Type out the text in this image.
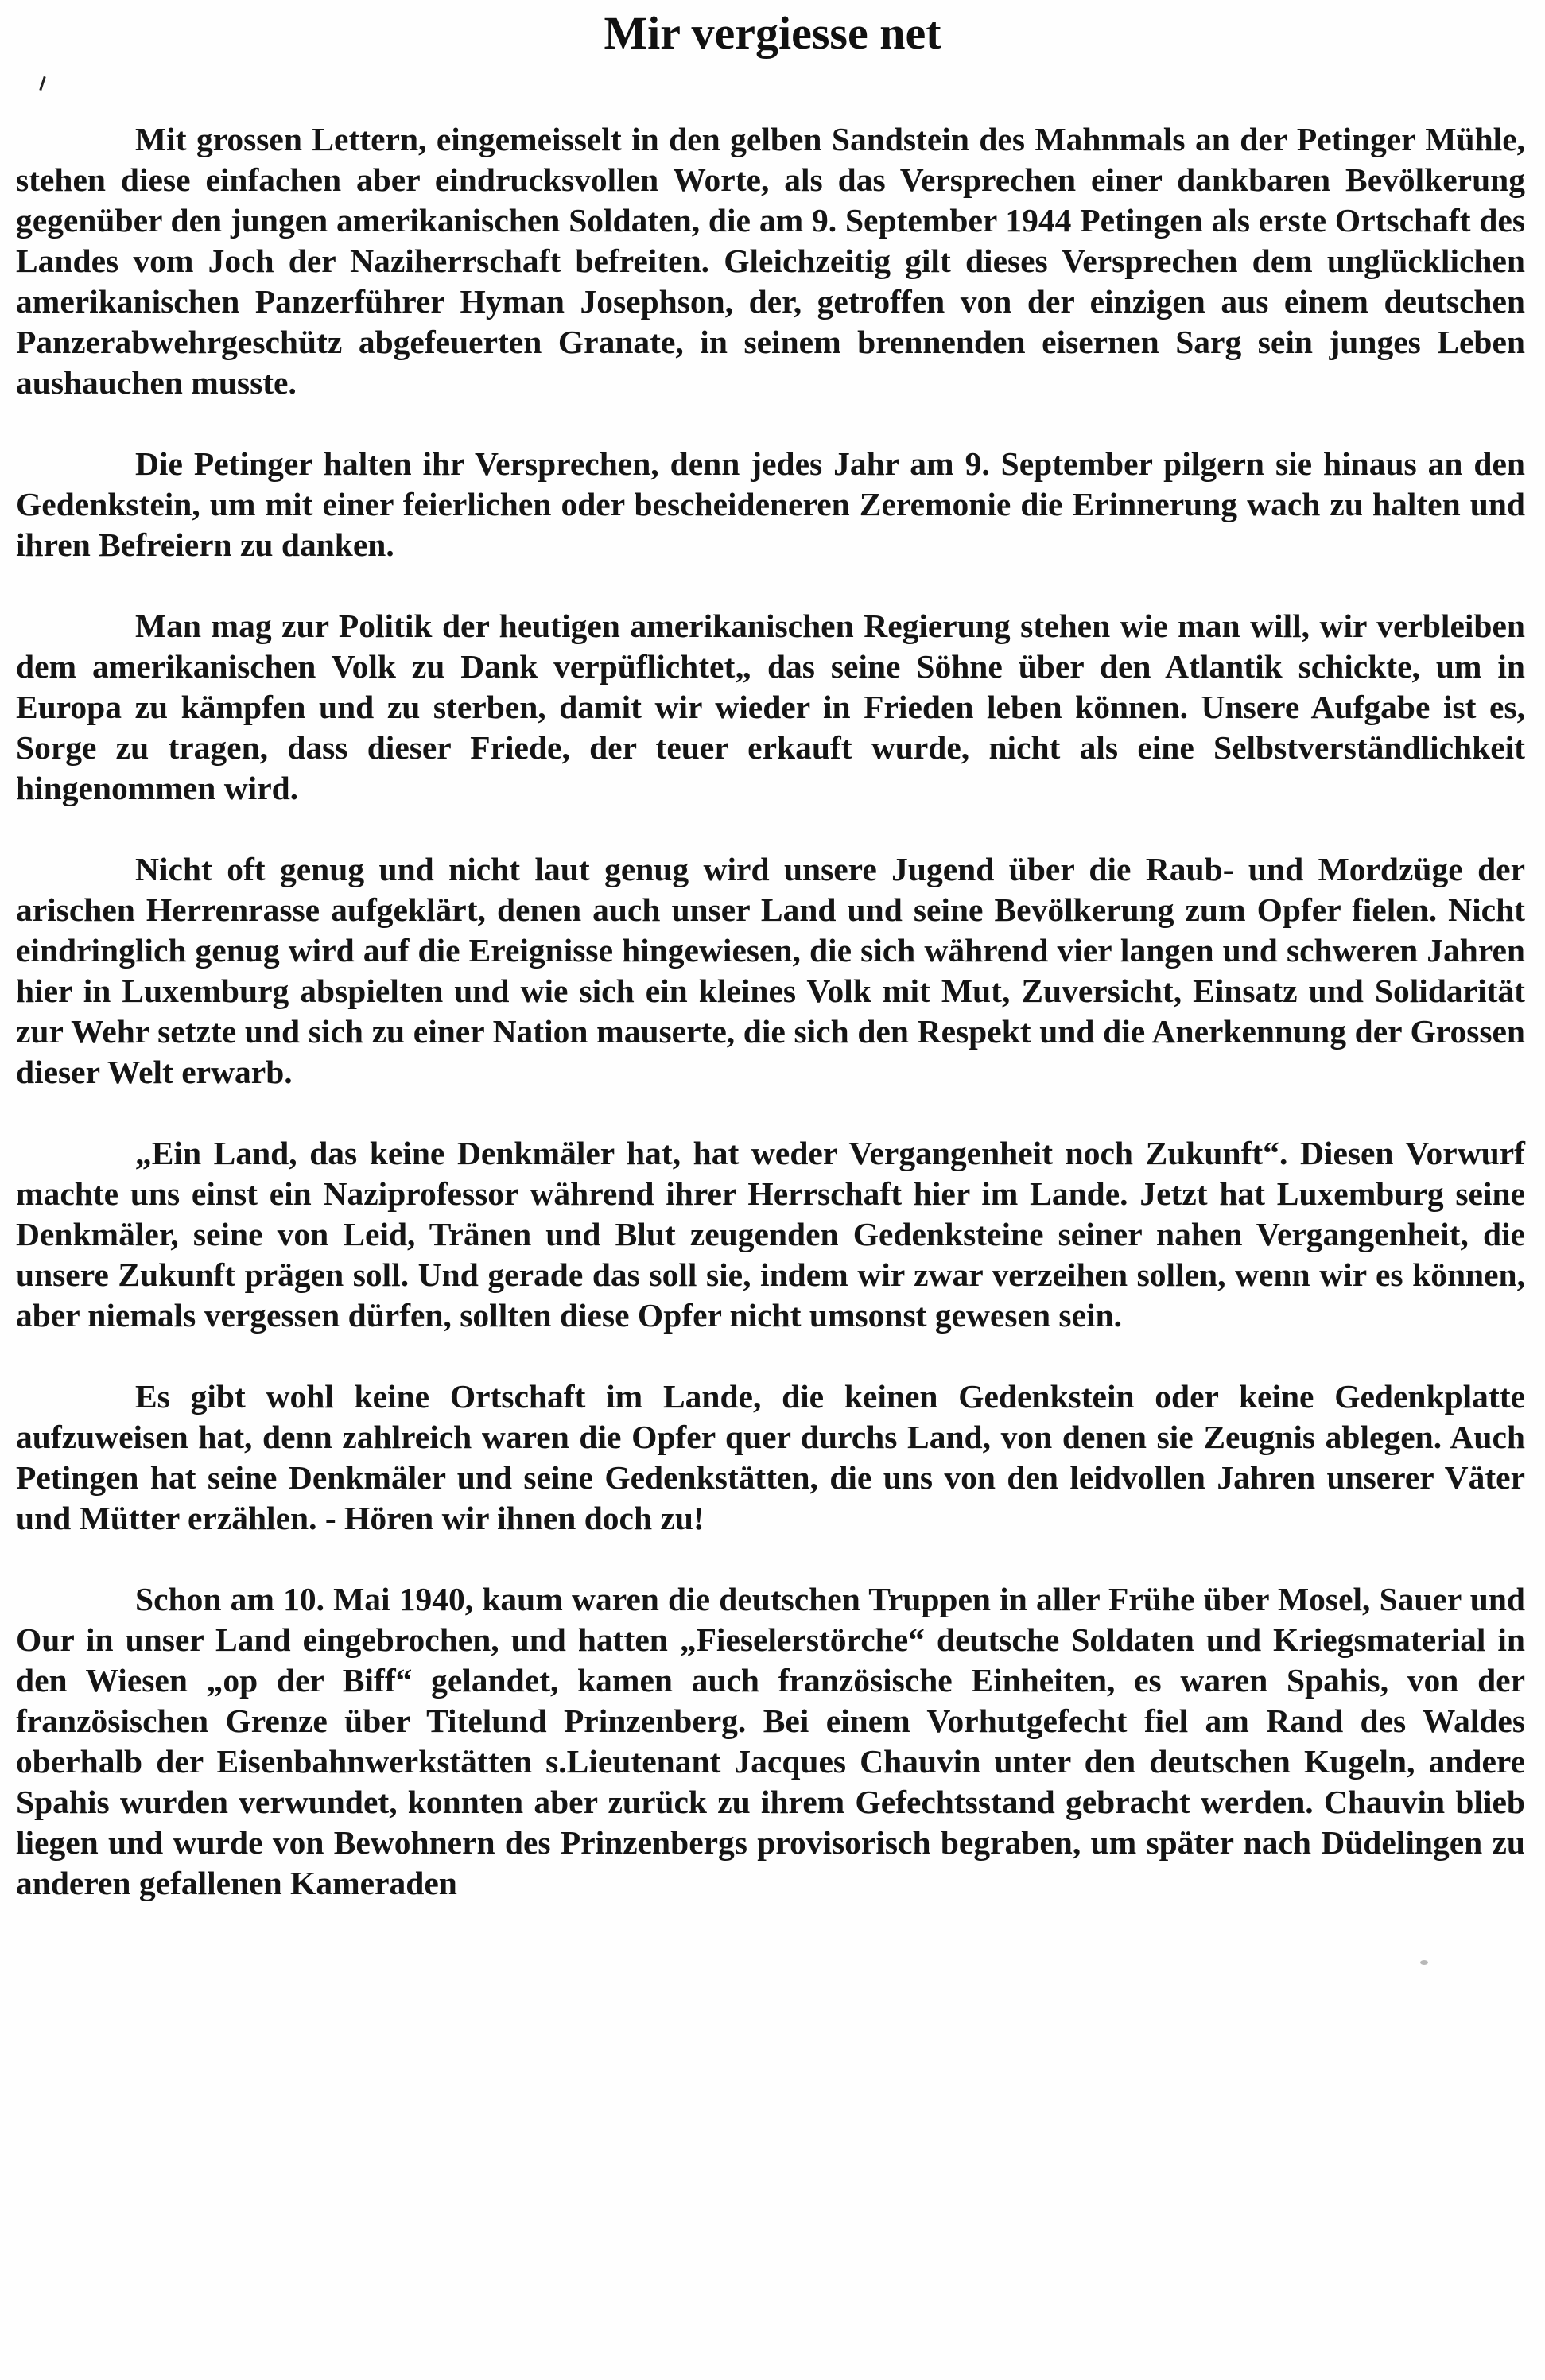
Mir vergiesse net

Mit grossen Lettern, eingemeisselt in den gelben Sandstein des Mahnmals an der Petinger Mühle, stehen diese einfachen aber eindrucksvollen Worte, als das Versprechen einer dankbaren Bevölkerung gegenüber den jungen amerikanischen Soldaten, die am 9. September 1944 Petingen als erste Ortschaft des Landes vom Joch der Naziherrschaft befreiten. Gleichzeitig gilt dieses Versprechen dem unglücklichen amerikanischen Panzerführer Hyman Josephson, der, getroffen von der einzigen aus einem deutschen Panzerabwehrgeschütz abgefeuerten Granate, in seinem brennenden eisernen Sarg sein junges Leben aushauchen musste.

Die Petinger halten ihr Versprechen, denn jedes Jahr am 9. September pilgern sie hinaus an den Gedenkstein, um mit einer feierlichen oder bescheideneren Zeremonie die Erinnerung wach zu halten und ihren Befreiern zu danken.

Man mag zur Politik der heutigen amerikanischen Regierung stehen wie man will, wir verbleiben dem amerikanischen Volk zu Dank verpüflichtet„ das seine Söhne über den Atlantik schickte, um in Europa zu kämpfen und zu sterben, damit wir wieder in Frieden leben können. Unsere Aufgabe ist es, Sorge zu tragen, dass dieser Friede, der teuer erkauft wurde, nicht als eine Selbstverständlichkeit hingenommen wird.

Nicht oft genug und nicht laut genug wird unsere Jugend über die Raub- und Mordzüge der arischen Herrenrasse aufgeklärt, denen auch unser Land und seine Bevölkerung zum Opfer fielen. Nicht eindringlich genug wird auf die Ereignisse hingewiesen, die sich während vier langen und schweren Jahren hier in Luxemburg abspielten und wie sich ein kleines Volk mit Mut, Zuversicht, Einsatz und Solidarität zur Wehr setzte und sich zu einer Nation mauserte, die sich den Respekt und die Anerkennung der Grossen dieser Welt erwarb.

„Ein Land, das keine Denkmäler hat, hat weder Vergangenheit noch Zukunft“. Diesen Vorwurf machte uns einst ein Naziprofessor während ihrer Herrschaft hier im Lande. Jetzt hat Luxemburg seine Denkmäler, seine von Leid, Tränen und Blut zeugenden Gedenksteine seiner nahen Vergangenheit, die unsere Zukunft prägen soll. Und gerade das soll sie, indem wir zwar verzeihen sollen, wenn wir es können, aber niemals vergessen dürfen, sollten diese Opfer nicht umsonst gewesen sein.

Es gibt wohl keine Ortschaft im Lande, die keinen Gedenkstein oder keine Gedenkplatte aufzuweisen hat, denn zahlreich waren die Opfer quer durchs Land, von denen sie Zeugnis ablegen. Auch Petingen hat seine Denkmäler und seine Gedenkstätten, die uns von den leidvollen Jahren unserer Väter und Mütter erzählen. - Hören wir ihnen doch zu!

Schon am 10. Mai 1940, kaum waren die deutschen Truppen in aller Frühe über Mosel, Sauer und Our in unser Land eingebrochen, und hatten „Fieselerstörche“ deutsche Soldaten und Kriegsmaterial in den Wiesen „op der Biff“ gelandet, kamen auch französische Einheiten, es waren Spahis, von der französischen Grenze über Titelund Prinzenberg. Bei einem Vorhutgefecht fiel am Rand des Waldes oberhalb der Eisenbahnwerkstätten s.Lieutenant Jacques Chauvin unter den deutschen Kugeln, andere Spahis wurden verwundet, konnten aber zurück zu ihrem Gefechtsstand gebracht werden. Chauvin blieb liegen und wurde von Bewohnern des Prinzenbergs provisorisch begraben, um später nach Düdelingen zu anderen gefallenen Kameraden
